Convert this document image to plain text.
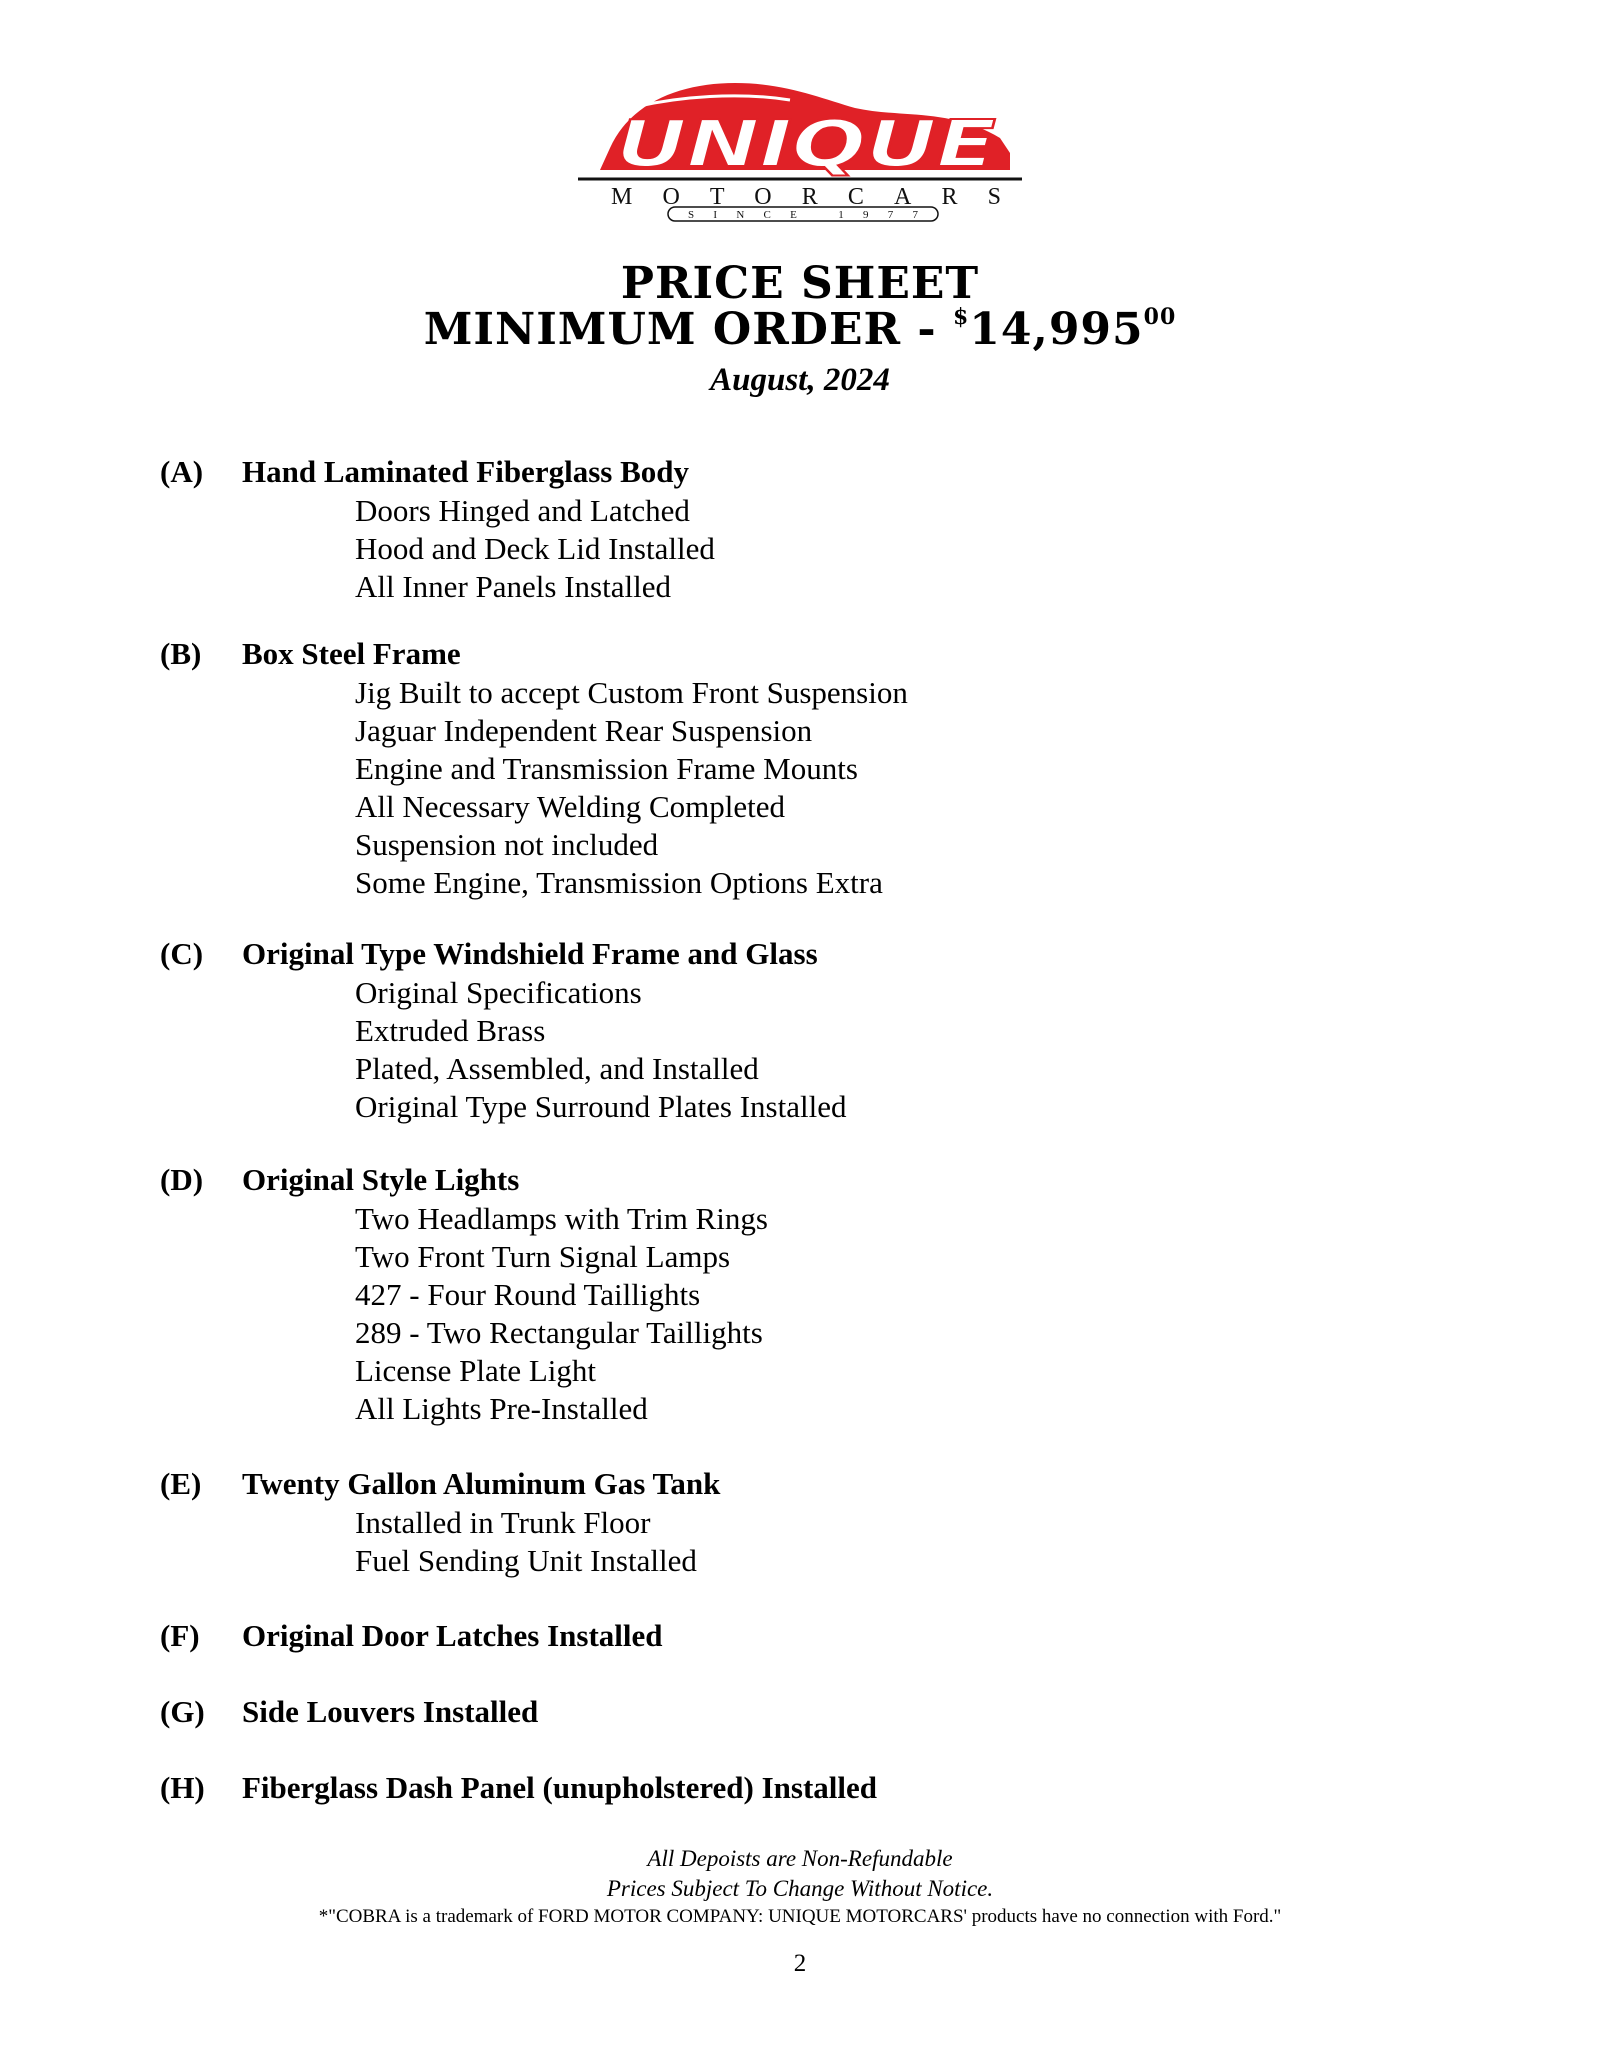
UNIQUE
MOTORCARS
SINCE 1977
PRICE SHEET
MINIMUM ORDER - $14,995$^{00}$
August, 2024
(A) Hand Laminated Fiberglass Body
Doors Hinged and Latched
Hood and Deck Lid Installed
All Inner Panels Installed
(B) Box Steel Frame
Jig Built to accept Custom Front Suspension
Jaguar Independent Rear Suspension
Engine and Transmission Frame Mounts
All Necessary Welding Completed
Suspension not included
Some Engine, Transmission Options Extra
(C) Original Type Windshield Frame and Glass
Original Specifications
Extruded Brass
Plated, Assembled, and Installed
Original Type Surround Plates Installed
(D) Original Style Lights
Two Headlamps with Trim Rings
Two Front Turn Signal Lamps
427 - Four Round Taillights
289 - Two Rectangular Taillights
License Plate Light
All Lights Pre-Installed
(E) Twenty Gallon Aluminum Gas Tank
Installed in Trunk Floor
Fuel Sending Unit Installed
(F) Original Door Latches Installed
(G) Side Louvers Installed
(H) Fiberglass Dash Panel (unupholstered) Installed
All Depoists are Non-Refundable
Prices Subject To Change Without Notice.
*"COBRA is a trademark of FORD MOTOR COMPANY: UNIQUE MOTORCARS' products have no connection with Ford."
2
